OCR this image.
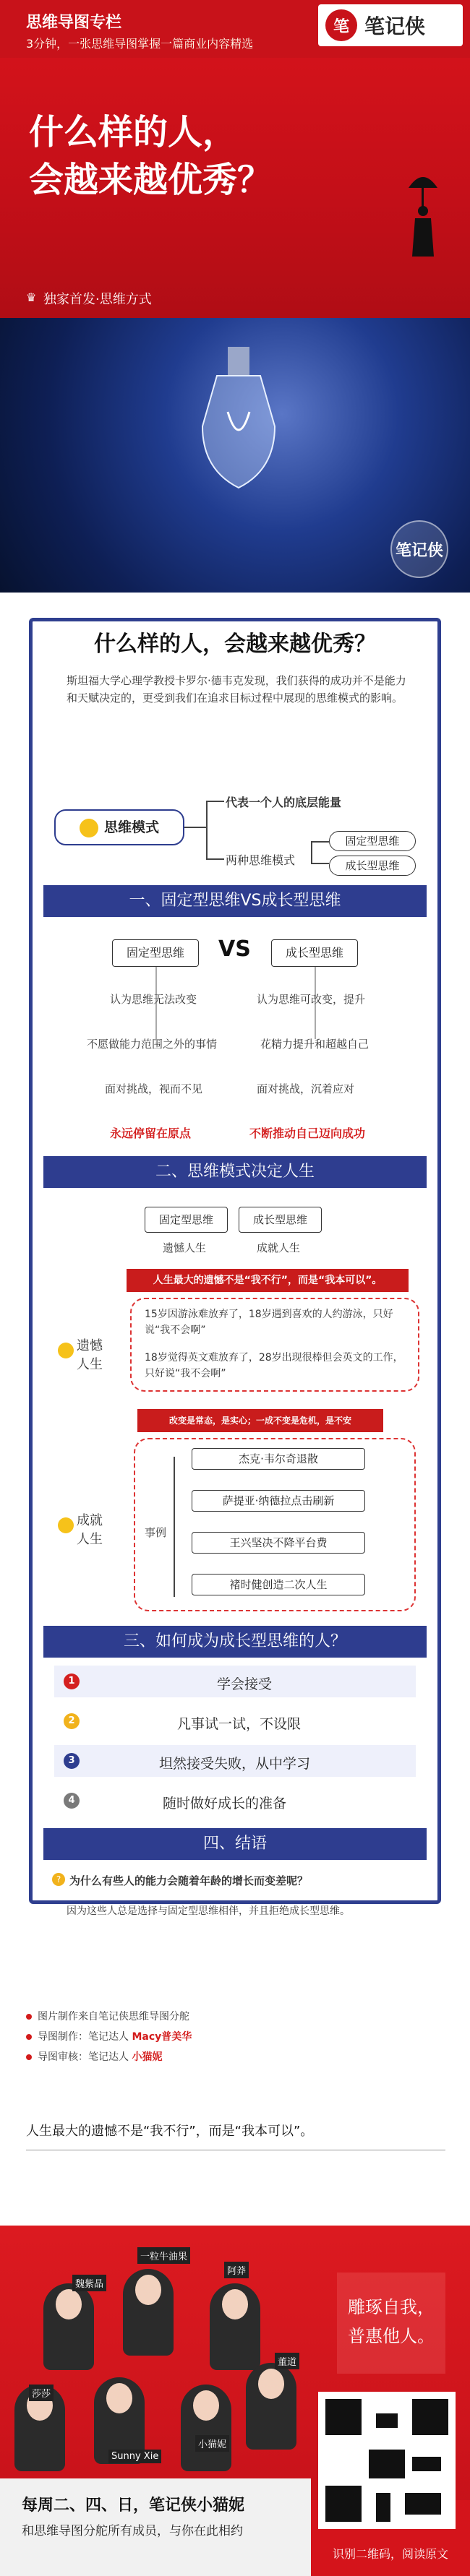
思维导图专栏
3分钟，一张思维导图掌握一篇商业内容精选
笔 笔记侠
什么样的人，
会越来越优秀？
♛ 独家首发·思维方式
笔记侠
什么样的人，会越来越优秀？
斯坦福大学心理学教授卡罗尔·德韦克发现，我们获得的成功并不是能力和天赋决定的，更受到我们在追求目标过程中展现的思维模式的影响。
思维模式
代表一个人的底层能量
两种思维模式
固定型思维
成长型思维
一、固定型思维VS成长型思维
固定型思维	VS	成长型思维
认为思维无法改变
不愿做能力范围之外的事情
面对挑战，视而不见
永远停留在原点
认为思维可改变，提升
花精力提升和超越自己
面对挑战，沉着应对
不断推动自己迈向成功
二、思维模式决定人生
固定型思维	成长型思维
遗憾人生	成就人生
人生最大的遗憾不是“我不行”，而是“我本可以”。
15岁因游泳难放弃了，18岁遇到喜欢的人约游泳，只好说“我不会啊”
18岁觉得英文难放弃了，28岁出现很棒但会英文的工作，只好说“我不会啊”
遗憾人生
改变是常态，是实心；一成不变是危机，是不安
成就人生	事例
杰克·韦尔奇退散
萨提亚·纳德拉点击刷新
王兴坚决不降平台费
褚时健创造二次人生
三、如何成为成长型思维的人？
1	学会接受
2	凡事试一试，不设限
3	坦然接受失败，从中学习
4	随时做好成长的准备
四、结语
? 为什么有些人的能力会随着年龄的增长而变差呢？
因为这些人总是选择与固定型思维相伴，并且拒绝成长型思维。
图片制作来自笔记侠思维导图分舵
导图制作：笔记达人 Macy普美华
导图审核：笔记达人 小猫妮
人生最大的遗憾不是“我不行”，而是“我本可以”。
魏紫晶
一粒牛油果
阿莽
莎莎
Sunny Xie
小猫妮
董道
雕琢自我，
普惠他人。
每周二、四、日，笔记侠小猫妮
和思维导图分舵所有成员，与你在此相约
识别二维码，阅读原文
